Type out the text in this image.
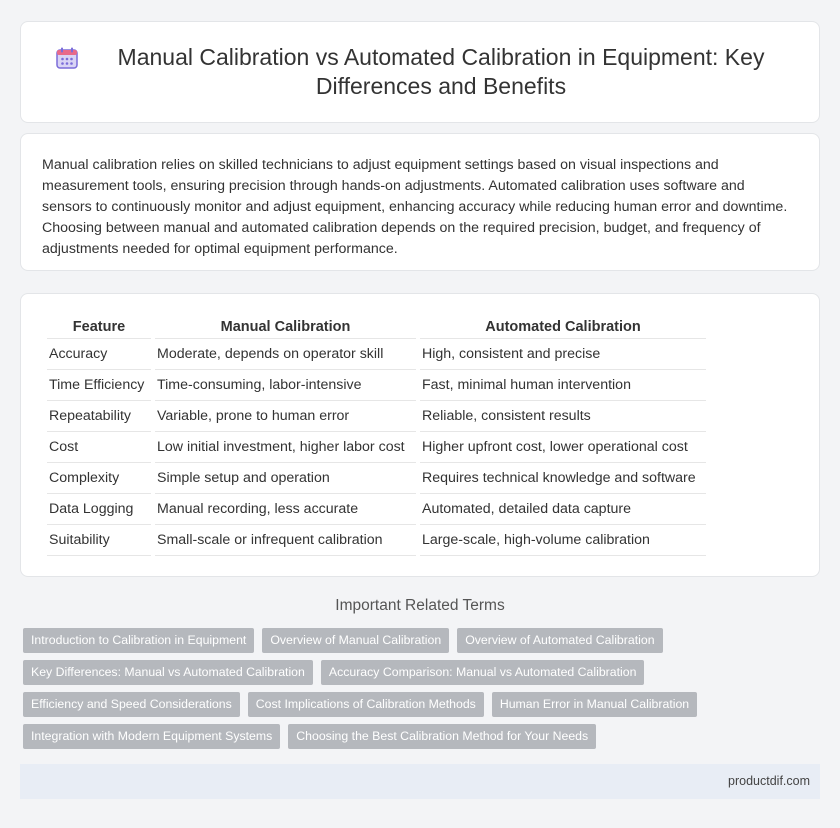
Manual Calibration vs Automated Calibration in Equipment: Key Differences and Benefits

Manual calibration relies on skilled technicians to adjust equipment settings based on visual inspections and measurement tools, ensuring precision through hands-on adjustments. Automated calibration uses software and sensors to continuously monitor and adjust equipment, enhancing accuracy while reducing human error and downtime. Choosing between manual and automated calibration depends on the required precision, budget, and frequency of adjustments needed for optimal equipment performance.

Feature	Manual Calibration	Automated Calibration
Accuracy	Moderate, depends on operator skill	High, consistent and precise
Time Efficiency	Time-consuming, labor-intensive	Fast, minimal human intervention
Repeatability	Variable, prone to human error	Reliable, consistent results
Cost	Low initial investment, higher labor cost	Higher upfront cost, lower operational cost
Complexity	Simple setup and operation	Requires technical knowledge and software
Data Logging	Manual recording, less accurate	Automated, detailed data capture
Suitability	Small-scale or infrequent calibration	Large-scale, high-volume calibration
Important Related Terms
Introduction to Calibration in Equipment	Overview of Manual Calibration	Overview of Automated Calibration
Key Differences: Manual vs Automated Calibration	Accuracy Comparison: Manual vs Automated Calibration
Efficiency and Speed Considerations	Cost Implications of Calibration Methods	Human Error in Manual Calibration
Integration with Modern Equipment Systems	Choosing the Best Calibration Method for Your Needs
productdif.com
